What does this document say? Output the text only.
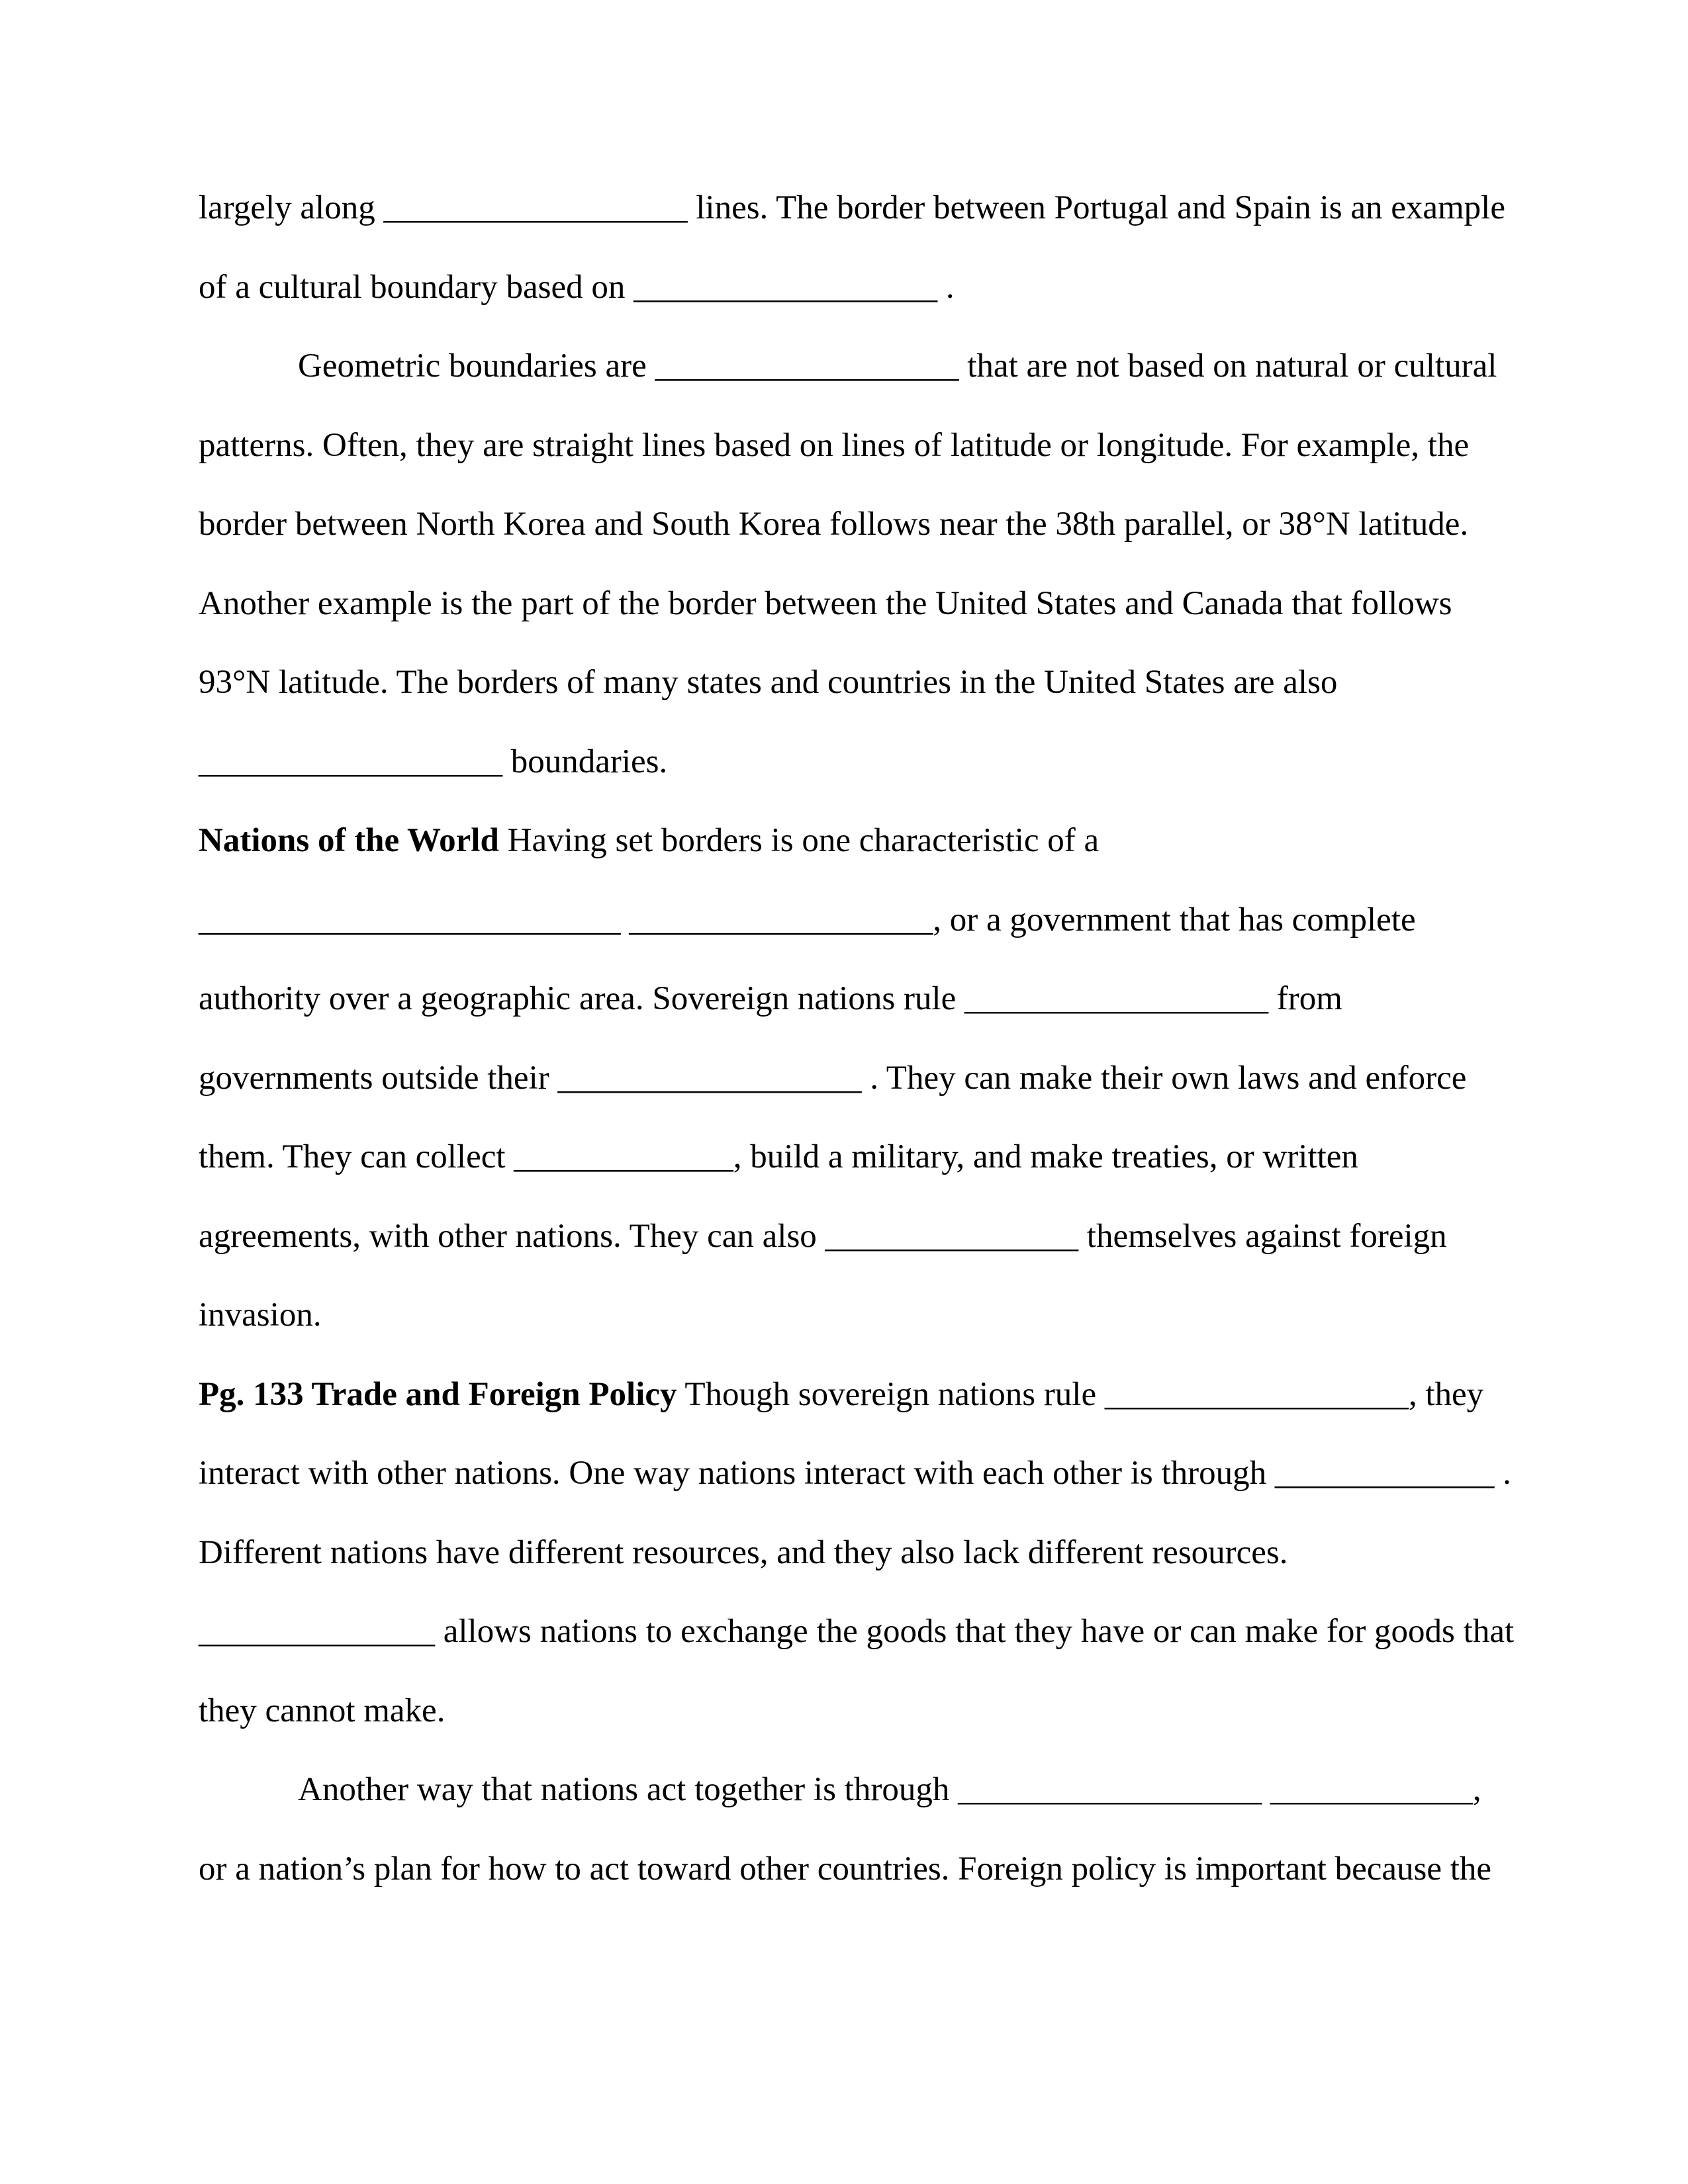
largely along __________________ lines. The border between Portugal and Spain is an example
of a cultural boundary based on __________________ .
Geometric boundaries are __________________ that are not based on natural or cultural
patterns. Often, they are straight lines based on lines of latitude or longitude. For example, the
border between North Korea and South Korea follows near the 38th parallel, or 38°N latitude.
Another example is the part of the border between the United States and Canada that follows
93°N latitude. The borders of many states and countries in the United States are also
__________________ boundaries.
Nations of the World Having set borders is one characteristic of a
_________________________ __________________, or a government that has complete
authority over a geographic area. Sovereign nations rule __________________ from
governments outside their __________________ . They can make their own laws and enforce
them. They can collect _____________, build a military, and make treaties, or written
agreements, with other nations. They can also _______________ themselves against foreign
invasion.
Pg. 133 Trade and Foreign Policy Though sovereign nations rule __________________, they
interact with other nations. One way nations interact with each other is through _____________ .
Different nations have different resources, and they also lack different resources.
______________ allows nations to exchange the goods that they have or can make for goods that
they cannot make.
Another way that nations act together is through __________________ ____________,
or a nation’s plan for how to act toward other countries. Foreign policy is important because the
